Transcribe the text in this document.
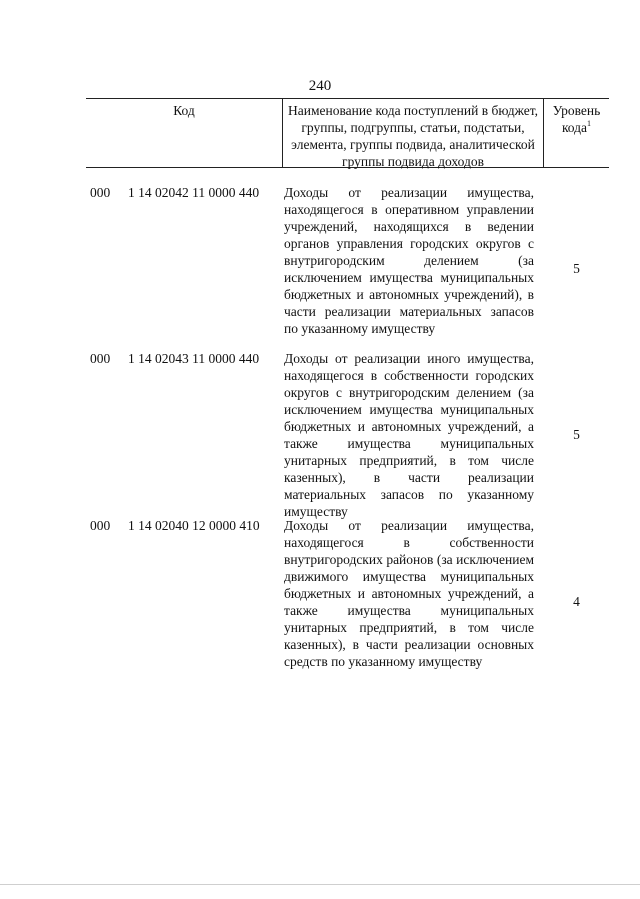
240
Код	Наименование кода поступлений в бюджет, группы, подгруппы, статьи, подстатьи, элемента, группы подвида, аналитической группы подвида доходов
Уровень кода$^1$
000 1 14 02042 11 0000 440 Доходы от реализации имущества, находящегося в оперативном управлении учреждений, находящихся в ведении органов управления городских округов с внутригородским делением (за исключением имущества муниципальных бюджетных и автономных учреждений), в части реализации материальных запасов по указанному имуществу
5
000 1 14 02043 11 0000 440 Доходы от реализации иного имущества, находящегося в собственности городских округов с внутригородским делением (за исключением имущества муниципальных бюджетных и автономных учреждений, а также имущества муниципальных унитарных предприятий, в том числе казенных), в части реализации материальных запасов по указанному имуществу
5
000 1 14 02040 12 0000 410 Доходы от реализации имущества, находящегося в собственности внутригородских районов (за исключением движимого имущества муниципальных бюджетных и автономных учреждений, а также имущества муниципальных унитарных предприятий, в том числе казенных), в части реализации основных средств по указанному имуществу
4
